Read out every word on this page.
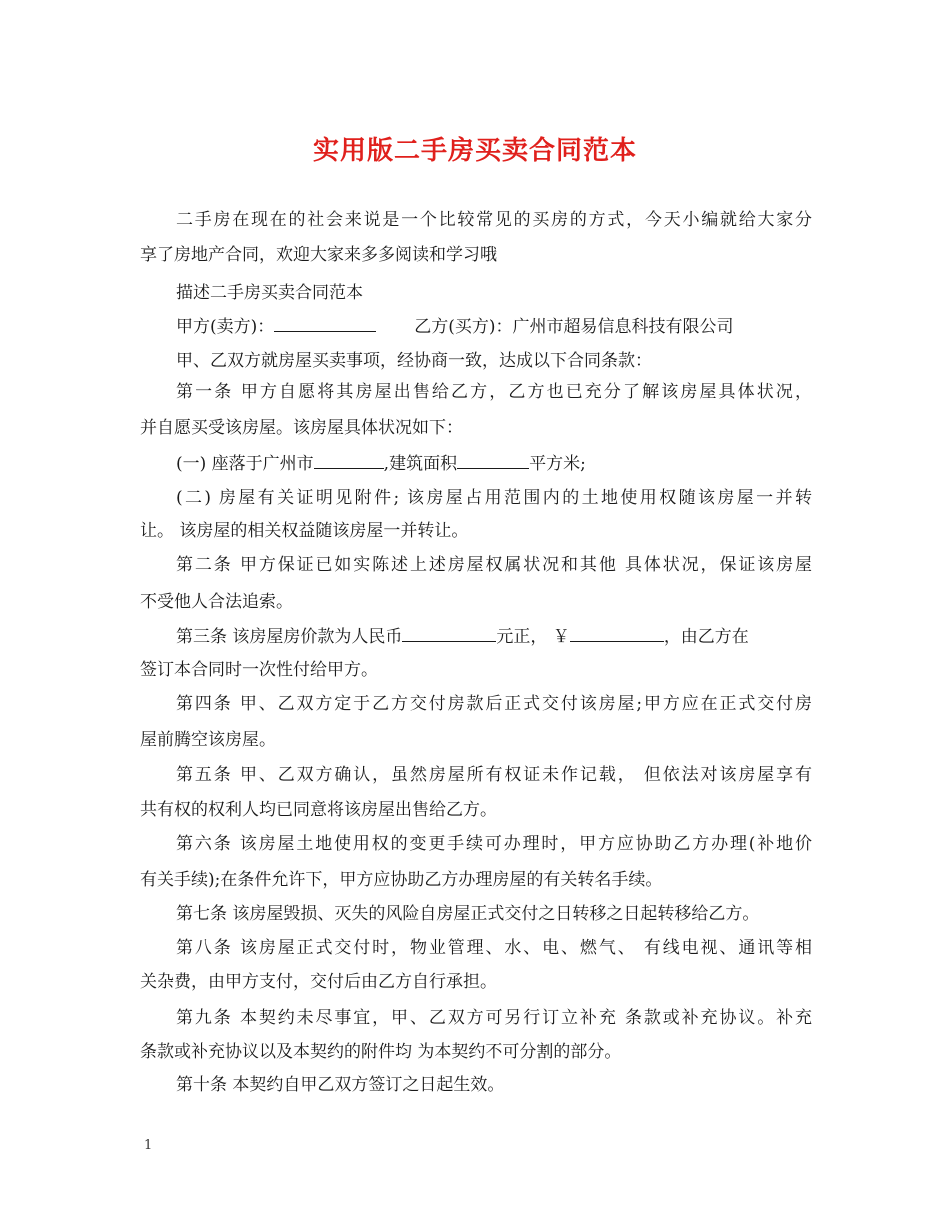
实用版二手房买卖合同范本
二手房在现在的社会来说是一个比较常见的买房的方式，今天小编就给大家分
享了房地产合同，欢迎大家来多多阅读和学习哦
描述二手房买卖合同范本
甲方(卖方)：	乙方(买方)：广州市超易信息科技有限公司
甲、乙双方就房屋买卖事项，经协商一致，达成以下合同条款：
第一条 甲方自愿将其房屋出售给乙方，乙方也已充分了解该房屋具体状况，
并自愿买受该房屋。该房屋具体状况如下：
(一) 座落于广州市	,建筑面积	平方米;
(二) 房屋有关证明见附件; 该房屋占用范围内的土地使用权随该房屋一并转
让。 该房屋的相关权益随该房屋一并转让。
第二条 甲方保证已如实陈述上述房屋权属状况和其他 具体状况，保证该房屋
不受他人合法追索。
第三条 该房屋房价款为人民币	元正， ￥	，由乙方在
签订本合同时一次性付给甲方。
第四条 甲、乙双方定于乙方交付房款后正式交付该房屋;甲方应在正式交付房
屋前腾空该房屋。
第五条 甲、乙双方确认，虽然房屋所有权证未作记载， 但依法对该房屋享有
共有权的权利人均已同意将该房屋出售给乙方。
第六条 该房屋土地使用权的变更手续可办理时，甲方应协助乙方办理(补地价
有关手续);在条件允许下，甲方应协助乙方办理房屋的有关转名手续。
第七条 该房屋毁损、灭失的风险自房屋正式交付之日转移之日起转移给乙方。
第八条 该房屋正式交付时，物业管理、水、电、燃气、 有线电视、通讯等相
关杂费，由甲方支付，交付后由乙方自行承担。
第九条 本契约未尽事宜，甲、乙双方可另行订立补充 条款或补充协议。补充
条款或补充协议以及本契约的附件均 为本契约不可分割的部分。
第十条 本契约自甲乙双方签订之日起生效。
1
